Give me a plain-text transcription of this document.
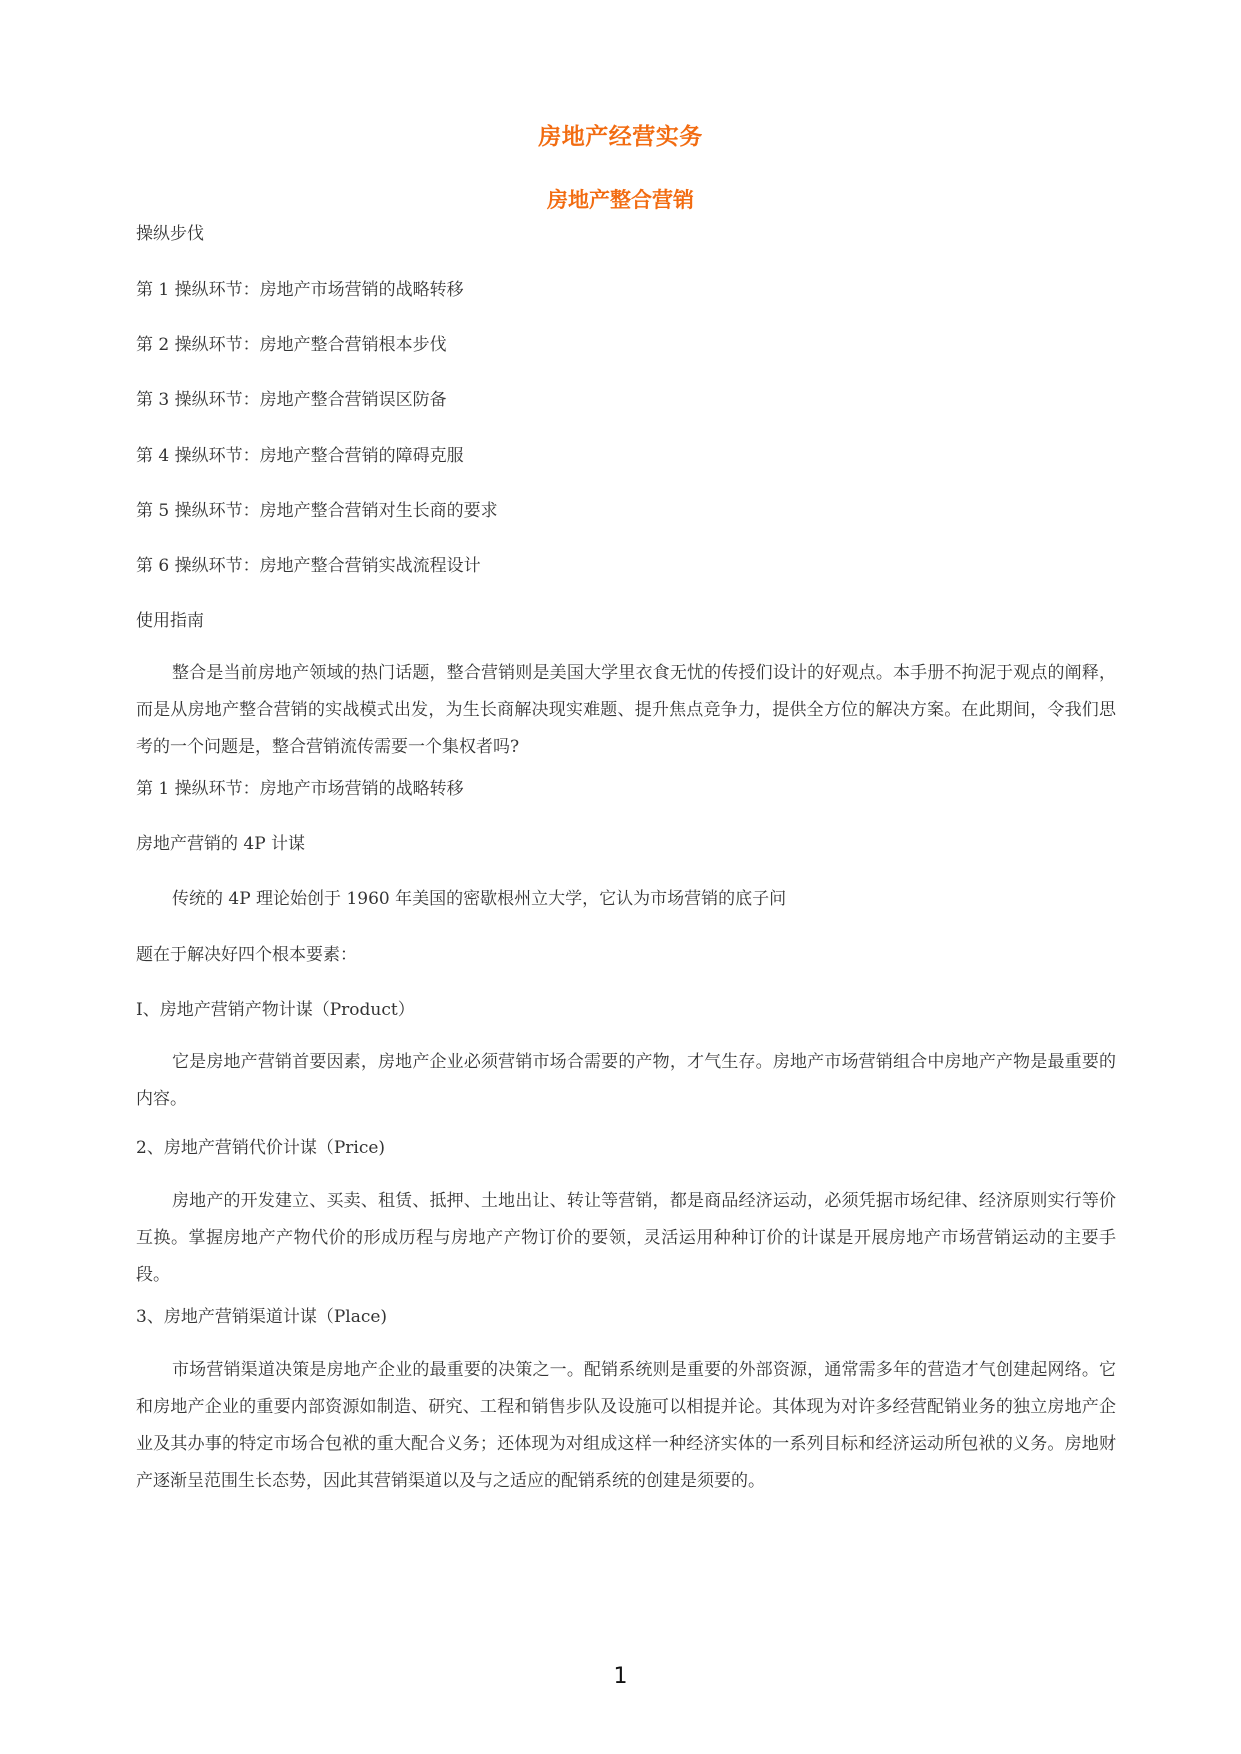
房地产经营实务
房地产整合营销
操纵步伐
第 1 操纵环节：房地产市场营销的战略转移
第 2 操纵环节：房地产整合营销根本步伐
第 3 操纵环节：房地产整合营销误区防备
第 4 操纵环节：房地产整合营销的障碍克服
第 5 操纵环节：房地产整合营销对生长商的要求
第 6 操纵环节：房地产整合营销实战流程设计
使用指南
整合是当前房地产领域的热门话题，整合营销则是美国大学里衣食无忧的传授们设计的好观点。本手册不拘泥于观点的阐释，而是从房地产整合营销的实战模式出发，为生长商解决现实难题、提升焦点竞争力，提供全方位的解决方案。在此期间，令我们思考的一个问题是，整合营销流传需要一个集权者吗?
第 1 操纵环节：房地产市场营销的战略转移
房地产营销的 4P 计谋
传统的 4P 理论始创于 1960 年美国的密歇根州立大学，它认为市场营销的底子问
题在于解决好四个根本要素：
I、房地产营销产物计谋（Product）
它是房地产营销首要因素，房地产企业必须营销市场合需要的产物，才气生存。房地产市场营销组合中房地产产物是最重要的内容。
2、房地产营销代价计谋（Price)
房地产的开发建立、买卖、租赁、抵押、土地出让、转让等营销，都是商品经济运动，必须凭据市场纪律、经济原则实行等价互换。掌握房地产产物代价的形成历程与房地产产物订价的要领，灵活运用种种订价的计谋是开展房地产市场营销运动的主要手段。
3、房地产营销渠道计谋（Place)
市场营销渠道决策是房地产企业的最重要的决策之一。配销系统则是重要的外部资源，通常需多年的营造才气创建起网络。它和房地产企业的重要内部资源如制造、研究、工程和销售步队及设施可以相提并论。其体现为对许多经营配销业务的独立房地产企业及其办事的特定市场合包袱的重大配合义务；还体现为对组成这样一种经济实体的一系列目标和经济运动所包袱的义务。房地财产逐渐呈范围生长态势，因此其营销渠道以及与之适应的配销系统的创建是须要的。
1
